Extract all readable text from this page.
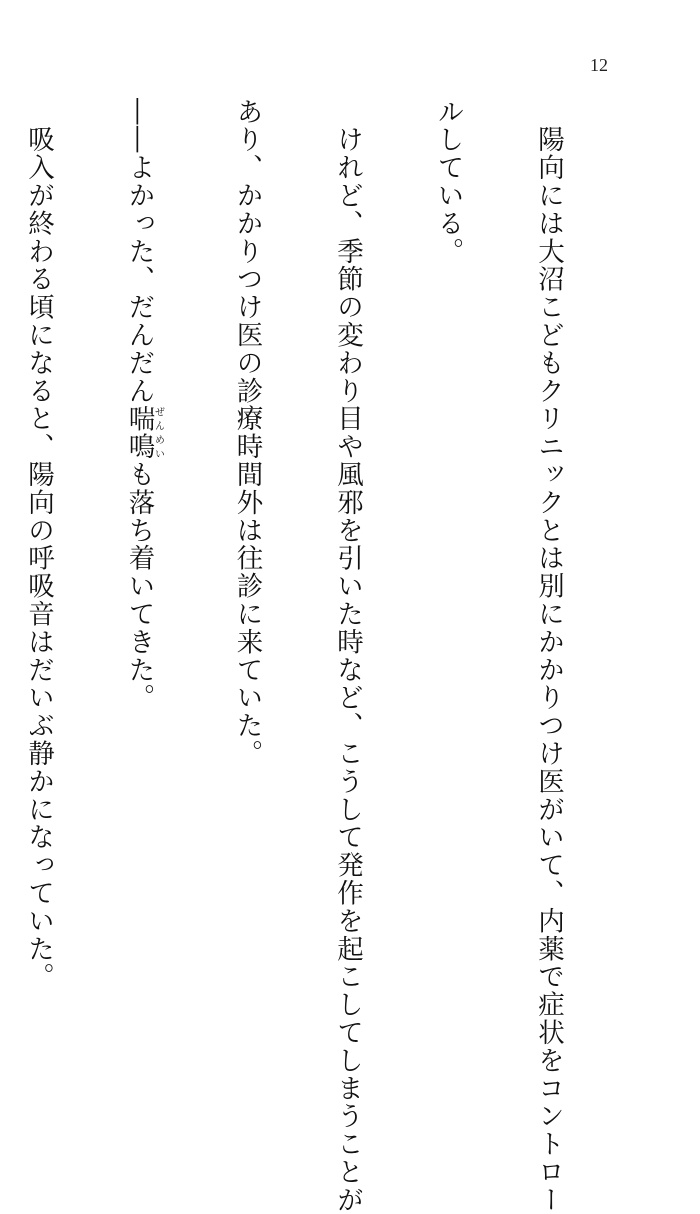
12

　陽向には大沼こどもクリニックとは別にかかりつけ医がいて、内薬で症状をコントロー

ルしている。

　けれど、季節の変わり目や風邪を引いた時など、こうして発作を起こしてしまうことが

あり、かかりつけ医の診療時間外は往診に来ていた。

――よかった、だんだん喘鳴ぜんめいも落ち着いてきた。

　吸入が終わる頃になると、陽向の呼吸音はだいぶ静かになっていた。
